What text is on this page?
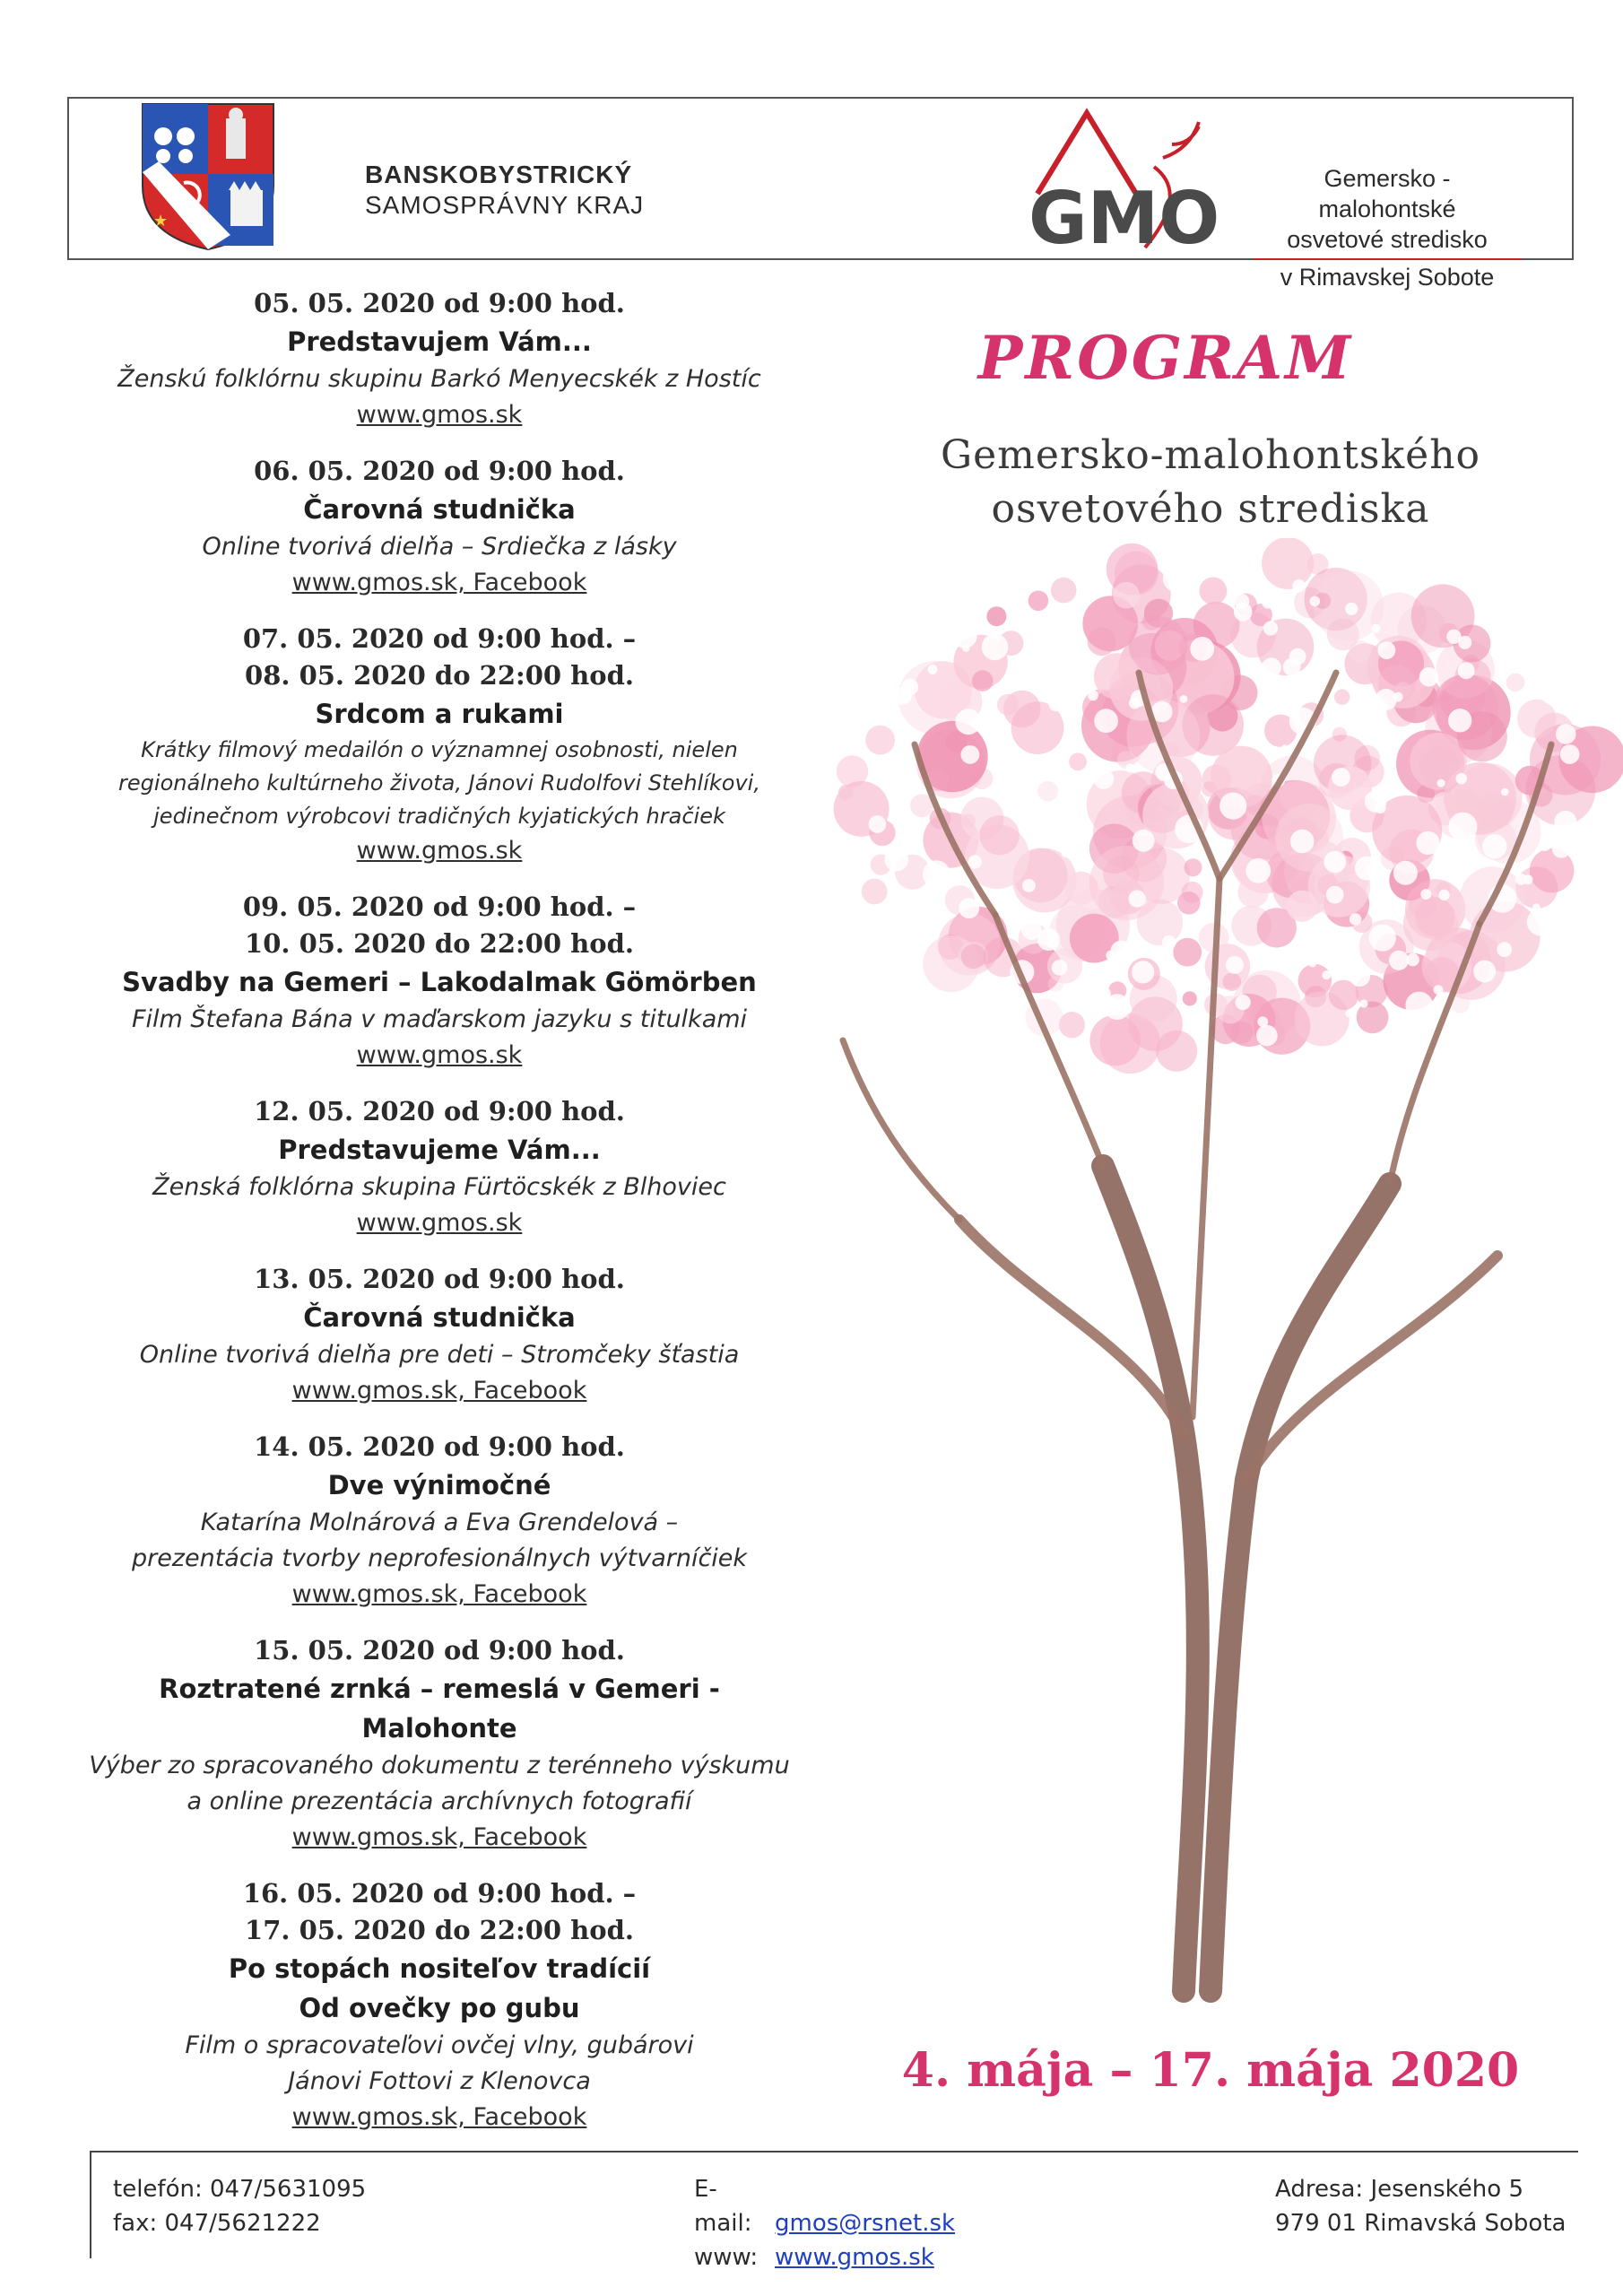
★
BANSKOBYSTRICKÝ
SAMOSPRÁVNY KRAJ	GMO	Gemersko - malohontské
osvetové stredisko
v Rimavskej Sobote
05. 05. 2020 od 9:00 hod.
Predstavujem Vám...
Ženskú folklórnu skupinu Barkó Menyecskék z Hostíc
www.gmos.sk
06. 05. 2020 od 9:00 hod.
Čarovná studnička
Online tvorivá dielňa – Srdiečka z lásky
www.gmos.sk, Facebook
07. 05. 2020 od 9:00 hod. –
08. 05. 2020 do 22:00 hod.
Srdcom a rukami
Krátky filmový medailón o významnej osobnosti, nielen
regionálneho kultúrneho života, Jánovi Rudolfovi Stehlíkovi,
jedinečnom výrobcovi tradičných kyjatických hračiek
www.gmos.sk
09. 05. 2020 od 9:00 hod. –
10. 05. 2020 do 22:00 hod.
Svadby na Gemeri – Lakodalmak Gömörben
Film Štefana Bána v maďarskom jazyku s titulkami
www.gmos.sk
12. 05. 2020 od 9:00 hod.
Predstavujeme Vám...
Ženská folklórna skupina Fürtöcskék z Blhoviec
www.gmos.sk
13. 05. 2020 od 9:00 hod.
Čarovná studnička
Online tvorivá dielňa pre deti – Stromčeky šťastia
www.gmos.sk, Facebook
14. 05. 2020 od 9:00 hod.
Dve výnimočné
Katarína Molnárová a Eva Grendelová –
prezentácia tvorby neprofesionálnych výtvarníčiek
www.gmos.sk, Facebook
15. 05. 2020 od 9:00 hod.
Roztratené zrnká – remeslá v Gemeri - Malohonte
Výber zo spracovaného dokumentu z terénneho výskumu
a online prezentácia archívnych fotografií
www.gmos.sk, Facebook
16. 05. 2020 od 9:00 hod. –
17. 05. 2020 do 22:00 hod.
Po stopách nositeľov tradícií
Od ovečky po gubu
Film o spracovateľovi ovčej vlny, gubárovi
Jánovi Fottovi z Klenovca
www.gmos.sk, Facebook
PROGRAM
Gemersko-malohontského
osvetového strediska
4. mája – 17. mája 2020
telefón: 047/5631095
fax: 047/5621222
E-mail: gmos@rsnet.sk
www: www.gmos.sk
Adresa: Jesenského 5
979 01 Rimavská Sobota
